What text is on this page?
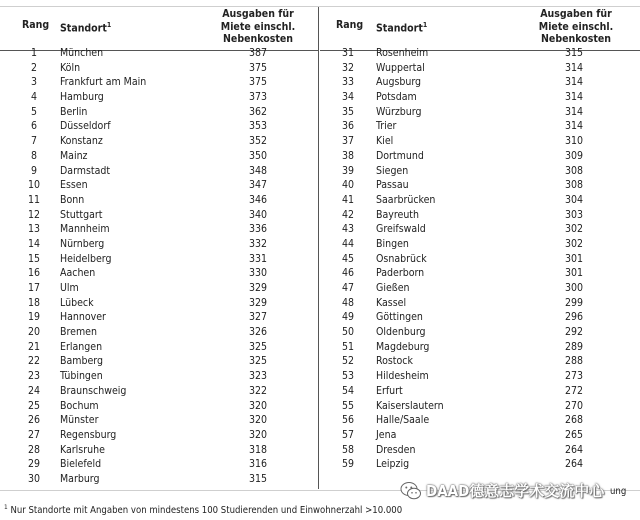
Rang Standort$^1$
Ausgaben für
Miete einschl.
Nebenkosten
1	München	387
2	Köln	375
3	Frankfurt am Main	375
4	Hamburg	373
5	Berlin	362
6	Düsseldorf	353
7	Konstanz	352
8	Mainz	350
9	Darmstadt	348
10	Essen	347
11	Bonn	346
12	Stuttgart	340
13	Mannheim	336
14	Nürnberg	332
15	Heidelberg	331
16	Aachen	330
17	Ulm	329
18	Lübeck	329
19	Hannover	327
20	Bremen	326
21	Erlangen	325
22	Bamberg	325
23	Tübingen	323
24	Braunschweig	322
25	Bochum	320
26	Münster	320
27	Regensburg	320
28	Karlsruhe	318
29	Bielefeld	316
30	Marburg	315
Rang Standort$^1$
Ausgaben für
Miete einschl.
Nebenkosten
31	Rosenheim	315
32	Wuppertal	314
33	Augsburg	314
34	Potsdam	314
35	Würzburg	314
36	Trier	314
37	Kiel	310
38	Dortmund	309
39	Siegen	308
40	Passau	308
41	Saarbrücken	304
42	Bayreuth	303
43	Greifswald	302
44	Bingen	302
45	Osnabrück	301
46	Paderborn	301
47	Gießen	300
48	Kassel	299
49	Göttingen	296
50	Oldenburg	292
51	Magdeburg	289
52	Rostock	288
53	Hildesheim	273
54	Erfurt	272
55	Kaiserslautern	270
56	Halle/Saale	268
57	Jena	265
58	Dresden	264
59	Leipzig	264
$^1$ Nur Standorte mit Angaben von mindestens 100 Studierenden und Einwohnerzahl >10.000
DAAD德意志学术交流中心 ung
